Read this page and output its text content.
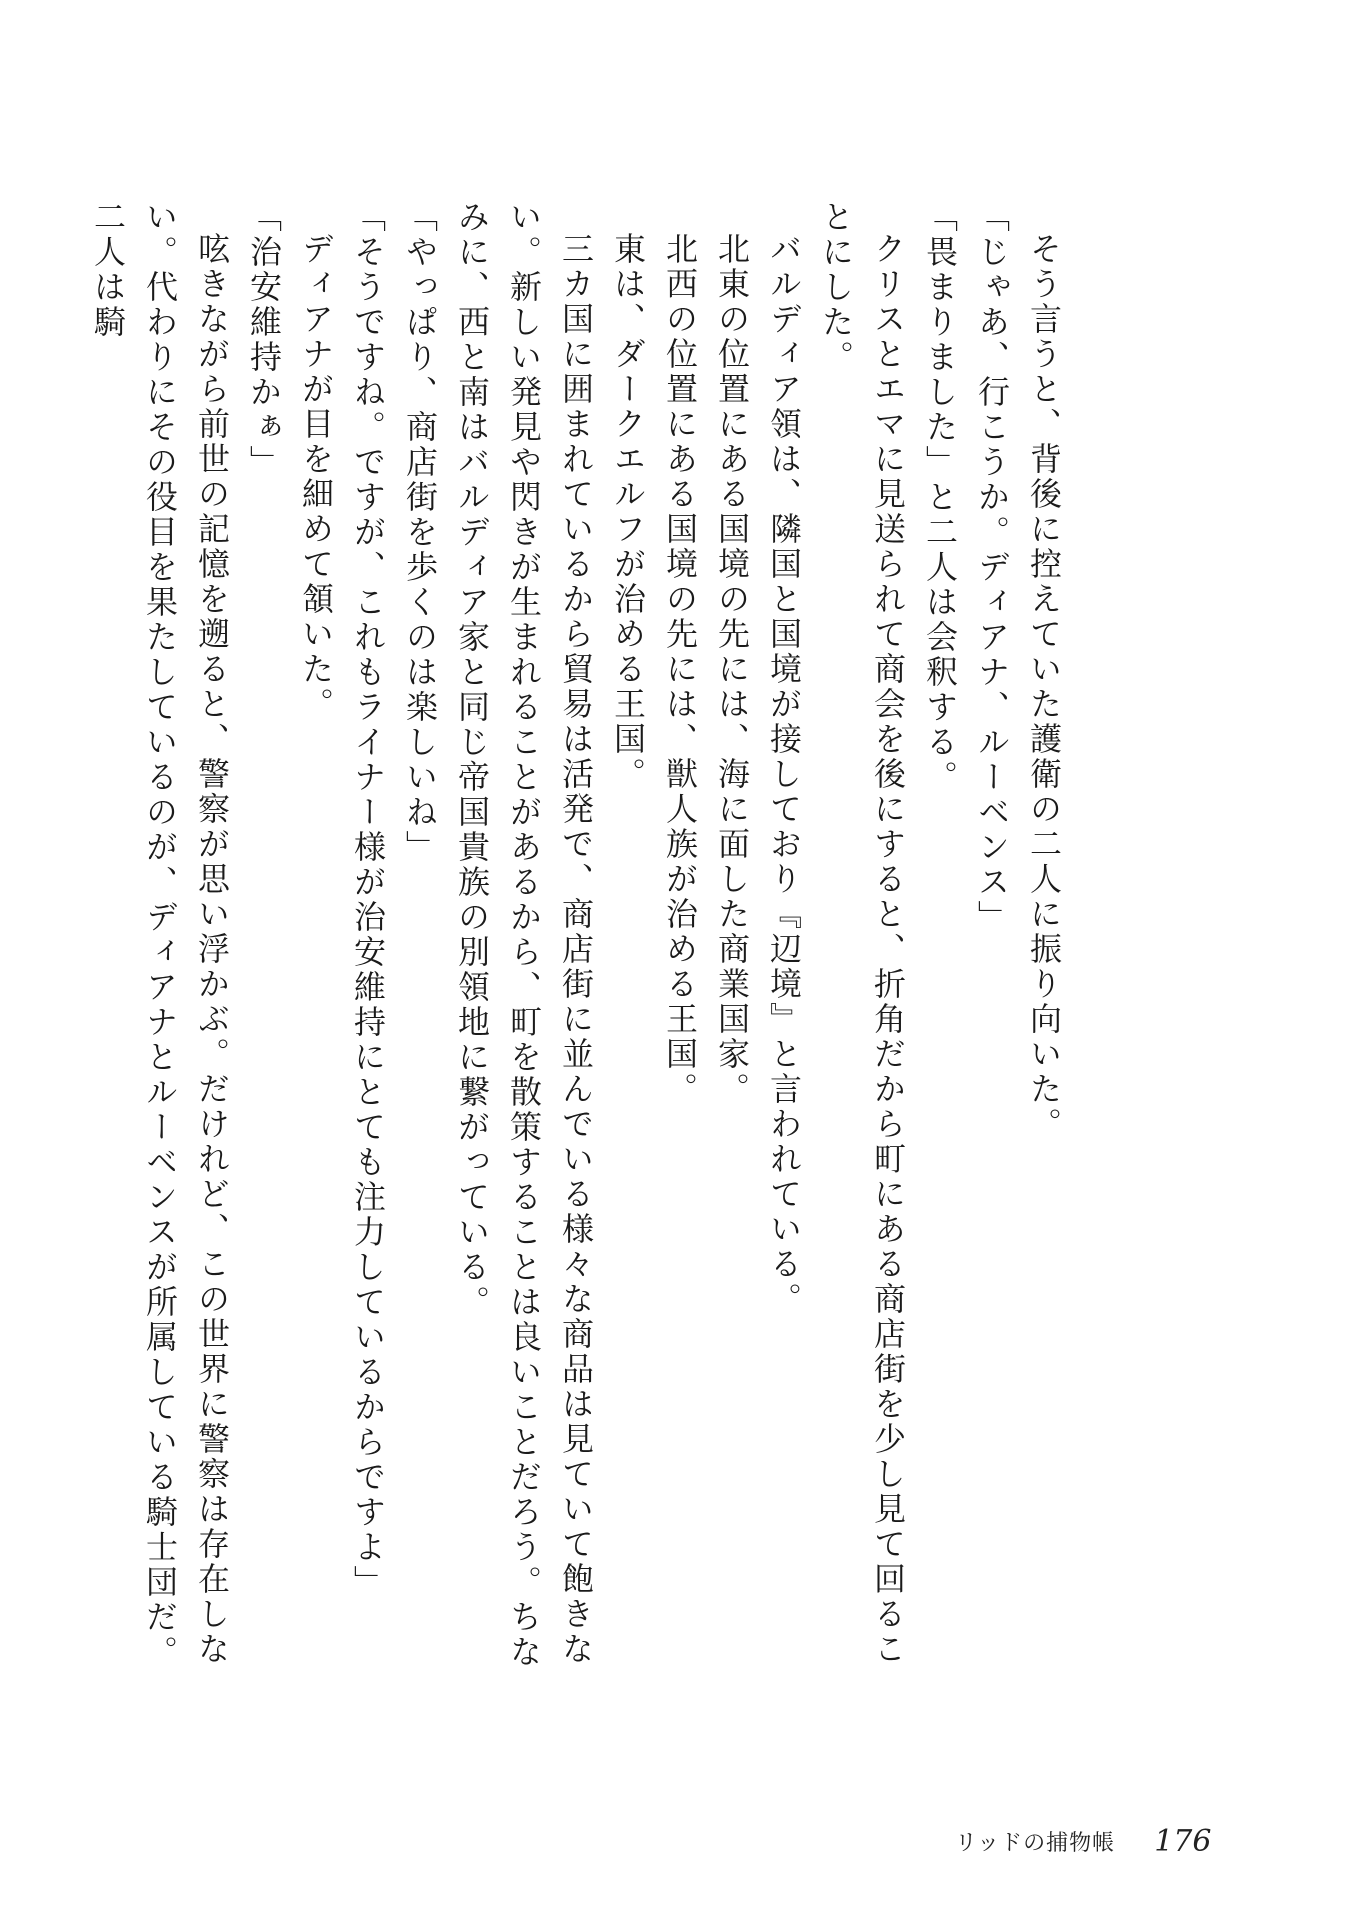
そう言うと、背後に控えていた護衛の二人に振り向いた。

「じゃあ、行こうか。ディアナ、ルーベンス」

「畏まりました」と二人は会釈する。

クリスとエマに見送られて商会を後にすると、折角だから町にある商店街を少し見て回ることにした。

バルディア領は、隣国と国境が接しており『辺境』と言われている。

北東の位置にある国境の先には、海に面した商業国家。

北西の位置にある国境の先には、獣人族が治める王国。

東は、ダークエルフが治める王国。

三カ国に囲まれているから貿易は活発で、商店街に並んでいる様々な商品は見ていて飽きない。新しい発見や閃きが生まれることがあるから、町を散策することは良いことだろう。ちなみに、西と南はバルディア家と同じ帝国貴族の別領地に繋がっている。

「やっぱり、商店街を歩くのは楽しいね」

「そうですね。ですが、これもライナー様が治安維持にとても注力しているからですよ」

ディアナが目を細めて頷いた。

「治安維持かぁ」

呟きながら前世の記憶を遡ると、警察が思い浮かぶ。だけれど、この世界に警察は存在しない。代わりにその役目を果たしているのが、ディアナとルーベンスが所属している騎士団だ。二人は騎

リッドの捕物帳 176
